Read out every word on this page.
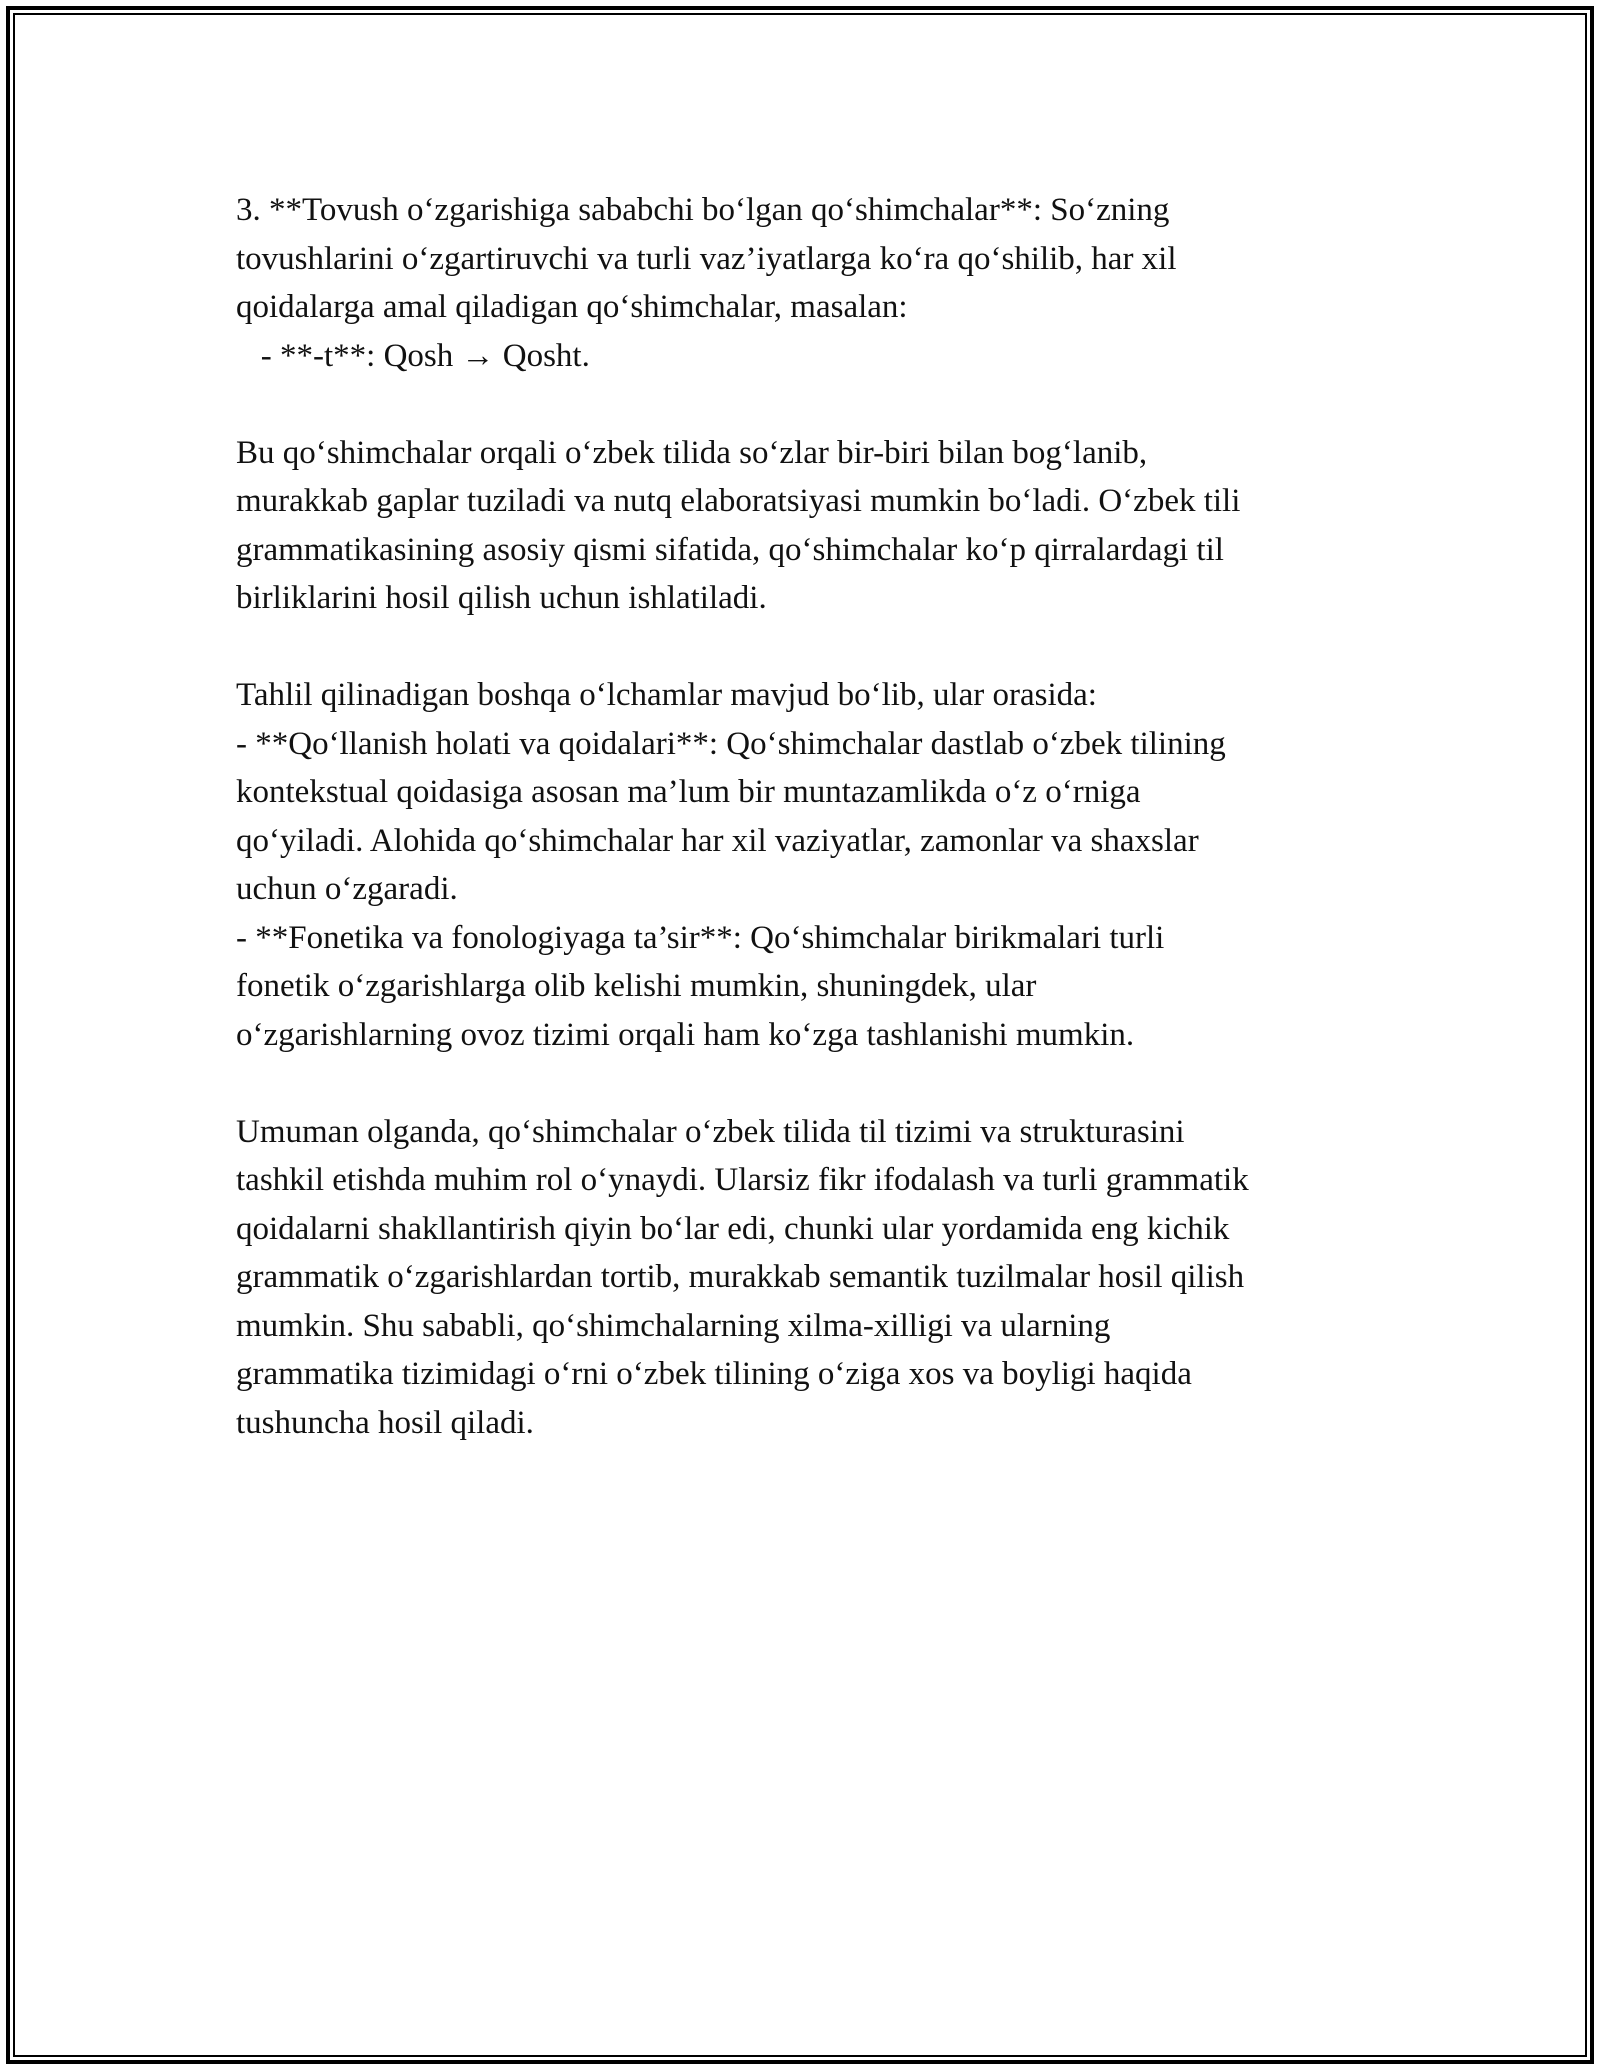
3. **Tovush o‘zgarishiga sababchi bo‘lgan qo‘shimchalar**: So‘zning
tovushlarini o‘zgartiruvchi va turli vaz’iyatlarga ko‘ra qo‘shilib, har xil
qoidalarga amal qiladigan qo‘shimchalar, masalan:
- **-t**: Qosh → Qosht.
Bu qo‘shimchalar orqali o‘zbek tilida so‘zlar bir-biri bilan bog‘lanib,
murakkab gaplar tuziladi va nutq elaboratsiyasi mumkin bo‘ladi. O‘zbek tili
grammatikasining asosiy qismi sifatida, qo‘shimchalar ko‘p qirralardagi til
birliklarini hosil qilish uchun ishlatiladi.
Tahlil qilinadigan boshqa o‘lchamlar mavjud bo‘lib, ular orasida:
- **Qo‘llanish holati va qoidalari**: Qo‘shimchalar dastlab o‘zbek tilining
kontekstual qoidasiga asosan ma’lum bir muntazamlikda o‘z o‘rniga
qo‘yiladi. Alohida qo‘shimchalar har xil vaziyatlar, zamonlar va shaxslar
uchun o‘zgaradi.
- **Fonetika va fonologiyaga ta’sir**: Qo‘shimchalar birikmalari turli
fonetik o‘zgarishlarga olib kelishi mumkin, shuningdek, ular
o‘zgarishlarning ovoz tizimi orqali ham ko‘zga tashlanishi mumkin.
Umuman olganda, qo‘shimchalar o‘zbek tilida til tizimi va strukturasini
tashkil etishda muhim rol o‘ynaydi. Ularsiz fikr ifodalash va turli grammatik
qoidalarni shakllantirish qiyin bo‘lar edi, chunki ular yordamida eng kichik
grammatik o‘zgarishlardan tortib, murakkab semantik tuzilmalar hosil qilish
mumkin. Shu sababli, qo‘shimchalarning xilma-xilligi va ularning
grammatika tizimidagi o‘rni o‘zbek tilining o‘ziga xos va boyligi haqida
tushuncha hosil qiladi.
